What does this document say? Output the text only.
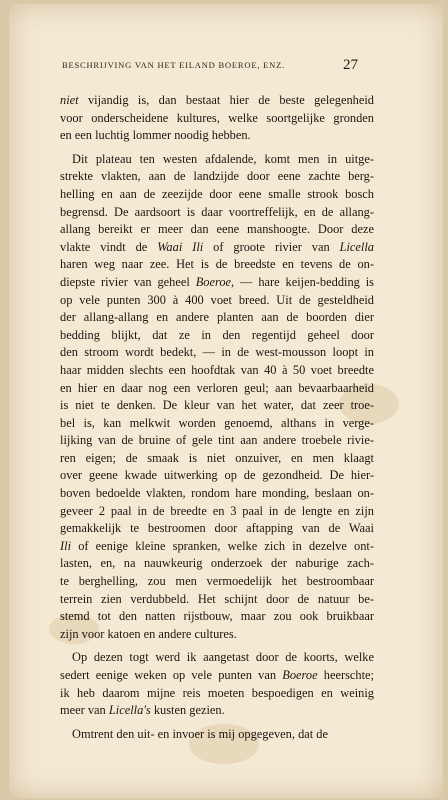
BESCHRIJVING VAN HET EILAND BOEROE, ENZ.	27
niet vijandig is, dan bestaat hier de beste gelegenheid
voor onderscheidene kultures, welke soortgelijke gronden
en een luchtig lommer noodig hebben.
Dit plateau ten westen afdalende, komt men in uitge-
strekte vlakten, aan de landzijde door eene zachte berg-
helling en aan de zeezijde door eene smalle strook bosch
begrensd. De aardsoort is daar voortreffelijk, en de allang-
allang bereikt er meer dan eene manshoogte. Door deze
vlakte vindt de Waai Ili of groote rivier van Licella
haren weg naar zee. Het is de breedste en tevens de on-
diepste rivier van geheel Boeroe, — hare keijen-bedding is
op vele punten 300 à 400 voet breed. Uit de gesteldheid
der allang-allang en andere planten aan de boorden dier
bedding blijkt, dat ze in den regentijd geheel door
den stroom wordt bedekt, — in de west-mousson loopt in
haar midden slechts een hoofdtak van 40 à 50 voet breedte
en hier en daar nog een verloren geul; aan bevaarbaarheid
is niet te denken. De kleur van het water, dat zeer troe-
bel is, kan melkwit worden genoemd, althans in verge-
lijking van de bruine of gele tint aan andere troebele rivie-
ren eigen; de smaak is niet onzuiver, en men klaagt
over geene kwade uitwerking op de gezondheid. De hier-
boven bedoelde vlakten, rondom hare monding, beslaan on-
geveer 2 paal in de breedte en 3 paal in de lengte en zijn
gemakkelijk te bestroomen door aftapping van de Waai
Ili of eenige kleine spranken, welke zich in dezelve ont-
lasten, en, na nauwkeurig onderzoek der naburige zach-
te berghelling, zou men vermoedelijk het bestroombaar
terrein zien verdubbeld. Het schijnt door de natuur be-
stemd tot den natten rijstbouw, maar zou ook bruikbaar
zijn voor katoen en andere cultures.
Op dezen togt werd ik aangetast door de koorts, welke
sedert eenige weken op vele punten van Boeroe heerschte;
ik heb daarom mijne reis moeten bespoedigen en weinig
meer van Licella's kusten gezien.
Omtrent den uit- en invoer is mij opgegeven, dat de
